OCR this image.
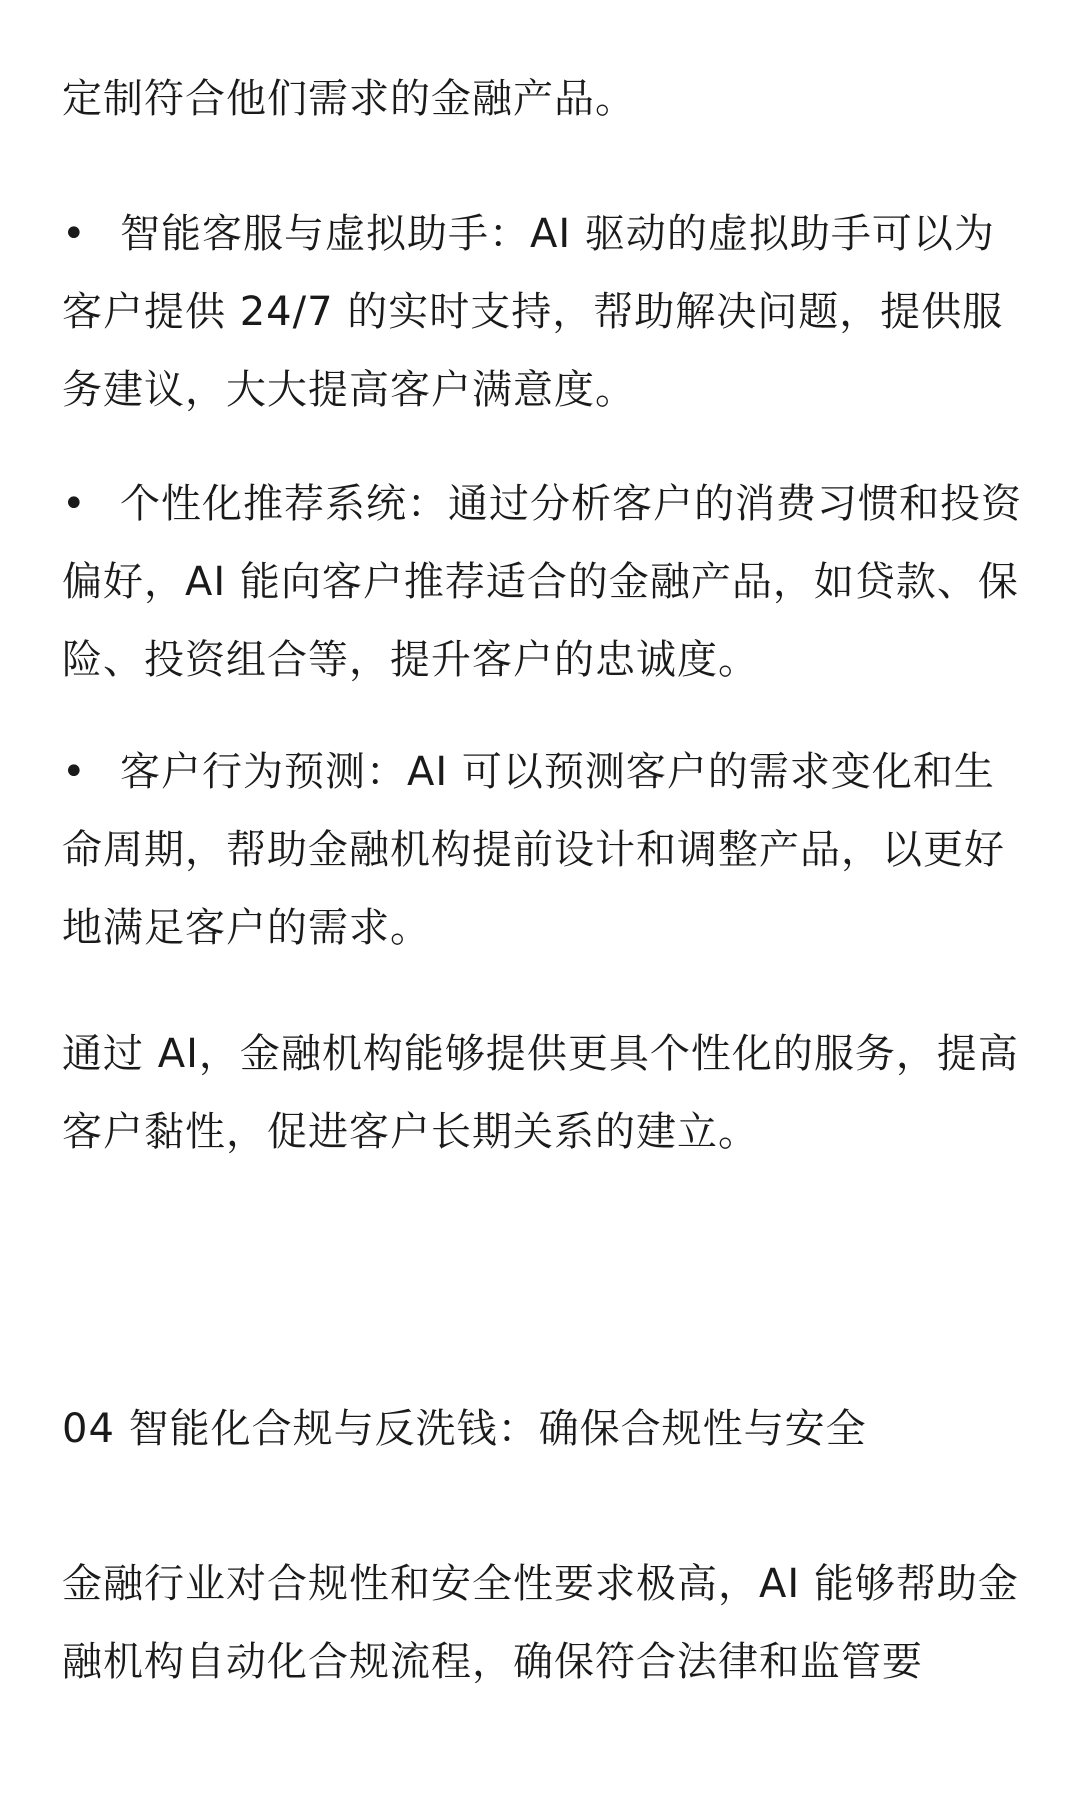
定制符合他们需求的金融产品。

• 智能客服与虚拟助手：AI 驱动的虚拟助手可以为客户提供 24/7 的实时支持，帮助解决问题，提供服务建议，大大提高客户满意度。

• 个性化推荐系统：通过分析客户的消费习惯和投资偏好，AI 能向客户推荐适合的金融产品，如贷款、保险、投资组合等，提升客户的忠诚度。

• 客户行为预测：AI 可以预测客户的需求变化和生命周期，帮助金融机构提前设计和调整产品，以更好地满足客户的需求。

通过 AI，金融机构能够提供更具个性化的服务，提高客户黏性，促进客户长期关系的建立。

04 智能化合规与反洗钱：确保合规性与安全

金融行业对合规性和安全性要求极高，AI 能够帮助金融机构自动化合规流程，确保符合法律和监管要
